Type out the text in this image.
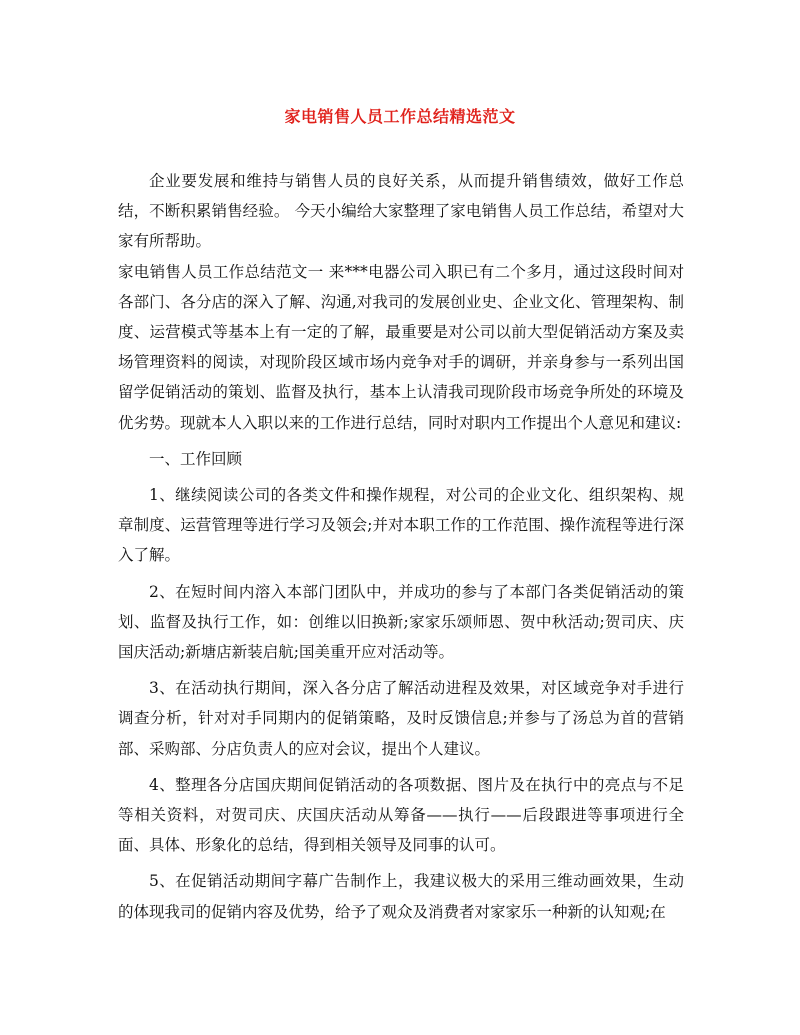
家电销售人员工作总结精选范文

企业要发展和维持与销售人员的良好关系，从而提升销售绩效，做好工作总结，不断积累销售经验。 今天小编给大家整理了家电销售人员工作总结，希望对大家有所帮助。

家电销售人员工作总结范文一 来***电器公司入职已有二个多月，通过这段时间对各部门、各分店的深入了解、沟通,对我司的发展创业史、企业文化、管理架构、制度、运营模式等基本上有一定的了解，最重要是对公司以前大型促销活动方案及卖场管理资料的阅读，对现阶段区域市场内竞争对手的调研，并亲身参与一系列出国留学促销活动的策划、监督及执行，基本上认清我司现阶段市场竞争所处的环境及优劣势。现就本人入职以来的工作进行总结，同时对职内工作提出个人意见和建议:

一、工作回顾

1、继续阅读公司的各类文件和操作规程，对公司的企业文化、组织架构、规章制度、运营管理等进行学习及领会;并对本职工作的工作范围、操作流程等进行深入了解。

2、在短时间内溶入本部门团队中，并成功的参与了本部门各类促销活动的策划、监督及执行工作，如：创维以旧换新;家家乐颂师恩、贺中秋活动;贺司庆、庆国庆活动;新塘店新装启航;国美重开应对活动等。

3、在活动执行期间，深入各分店了解活动进程及效果，对区域竞争对手进行调查分析，针对对手同期内的促销策略，及时反馈信息;并参与了汤总为首的营销部、采购部、分店负责人的应对会议，提出个人建议。

4、整理各分店国庆期间促销活动的各项数据、图片及在执行中的亮点与不足等相关资料，对贺司庆、庆国庆活动从筹备——执行——后段跟进等事项进行全面、具体、形象化的总结，得到相关领导及同事的认可。

5、在促销活动期间字幕广告制作上，我建议极大的采用三维动画效果，生动的体现我司的促销内容及优势，给予了观众及消费者对家家乐一种新的认知观;在
